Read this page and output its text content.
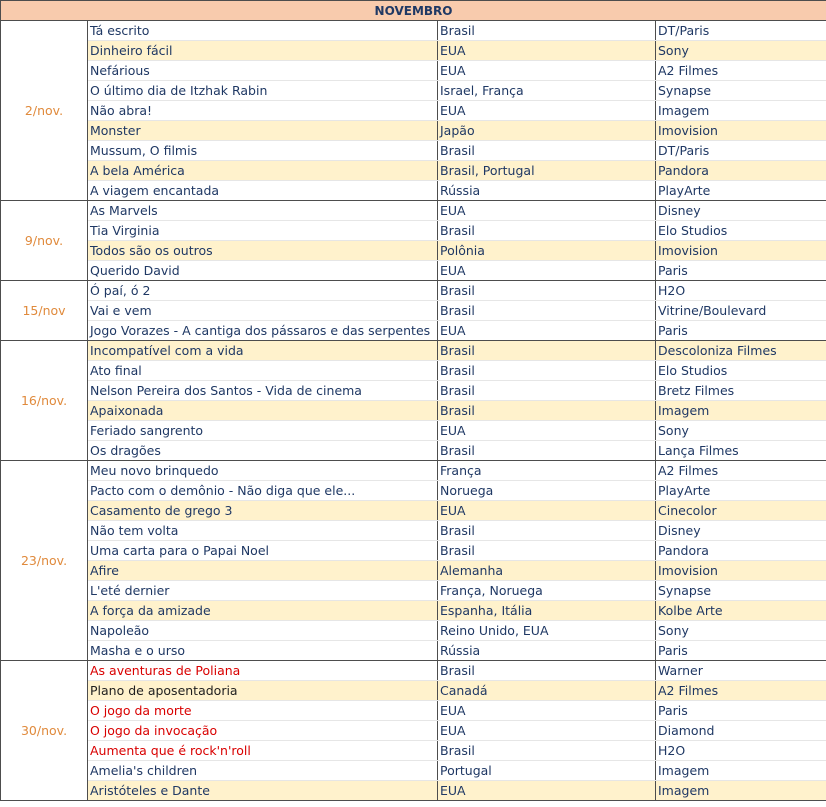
NOVEMBRO			
2/nov.	Tá escrito	Brasil	DT/Paris
	Dinheiro fácil	EUA	Sony
	Nefárious	EUA	A2 Filmes
	O último dia de Itzhak Rabin	Israel, França	Synapse
	Não abra!	EUA	Imagem
	Monster	Japão	Imovision
	Mussum, O filmis	Brasil	DT/Paris
	A bela América	Brasil, Portugal	Pandora
	A viagem encantada	Rússia	PlayArte
9/nov.	As Marvels	EUA	Disney
	Tia Virginia	Brasil	Elo Studios
	Todos são os outros	Polônia	Imovision
	Querido David	EUA	Paris
15/nov	Ó paí, ó 2	Brasil	H2O
	Vai e vem	Brasil	Vitrine/Boulevard
	Jogo Vorazes - A cantiga dos pássaros e das serpentes	EUA	Paris
16/nov.	Incompatível com a vida	Brasil	Descoloniza Filmes
	Ato final	Brasil	Elo Studios
	Nelson Pereira dos Santos - Vida de cinema	Brasil	Bretz Filmes
	Apaixonada	Brasil	Imagem
	Feriado sangrento	EUA	Sony
	Os dragões	Brasil	Lança Filmes
23/nov.	Meu novo brinquedo	França	A2 Filmes
	Pacto com o demônio - Não diga que ele...	Noruega	PlayArte
	Casamento de grego 3	EUA	Cinecolor
	Não tem volta	Brasil	Disney
	Uma carta para o Papai Noel	Brasil	Pandora
	Afire	Alemanha	Imovision
	L'eté dernier	França, Noruega	Synapse
	A força da amizade	Espanha, Itália	Kolbe Arte
	Napoleão	Reino Unido, EUA	Sony
	Masha e o urso	Rússia	Paris
30/nov.	As aventuras de Poliana	Brasil	Warner
	Plano de aposentadoria	Canadá	A2 Filmes
	O jogo da morte	EUA	Paris
	O jogo da invocação	EUA	Diamond
	Aumenta que é rock'n'roll	Brasil	H2O
	Amelia's children	Portugal	Imagem
	Aristóteles e Dante	EUA	Imagem
